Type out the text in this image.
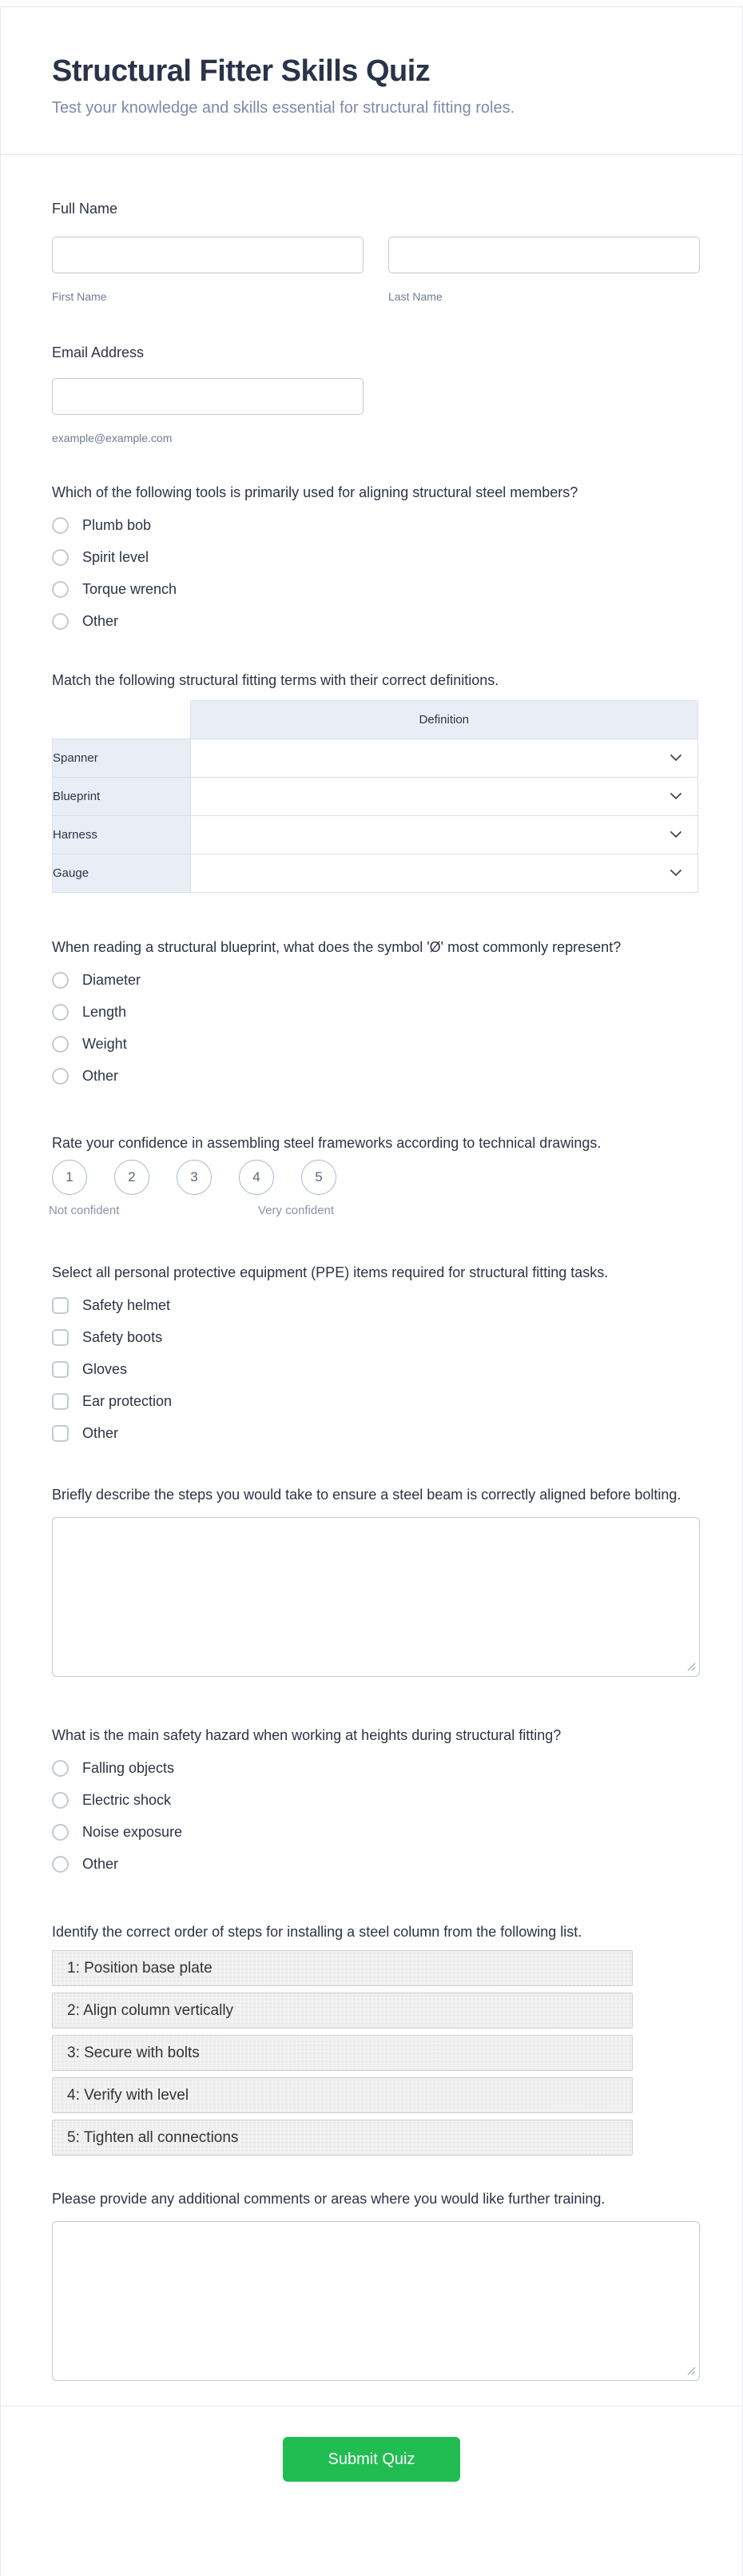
Structural Fitter Skills Quiz
Test your knowledge and skills essential for structural fitting roles.
Full Name
First Name	Last Name
Email Address
example@example.com
Which of the following tools is primarily used for aligning structural steel members?
Plumb bob
Spirit level
Torque wrench
Other
Match the following structural fitting terms with their correct definitions.
	Definition
Spanner	

Blueprint	

Harness	

Gauge	
When reading a structural blueprint, what does the symbol 'Ø' most commonly represent?
Diameter
Length
Weight
Other
Rate your confidence in assembling steel frameworks according to technical drawings.
1	2	3	4	5
Not confident	Very confident
Select all personal protective equipment (PPE) items required for structural fitting tasks.
Safety helmet
Safety boots
Gloves
Ear protection
Other
Briefly describe the steps you would take to ensure a steel beam is correctly aligned before bolting.
What is the main safety hazard when working at heights during structural fitting?
Falling objects
Electric shock
Noise exposure
Other
Identify the correct order of steps for installing a steel column from the following list.
1: Position base plate
2: Align column vertically
3: Secure with bolts
4: Verify with level
5: Tighten all connections
Please provide any additional comments or areas where you would like further training.
Submit Quiz
